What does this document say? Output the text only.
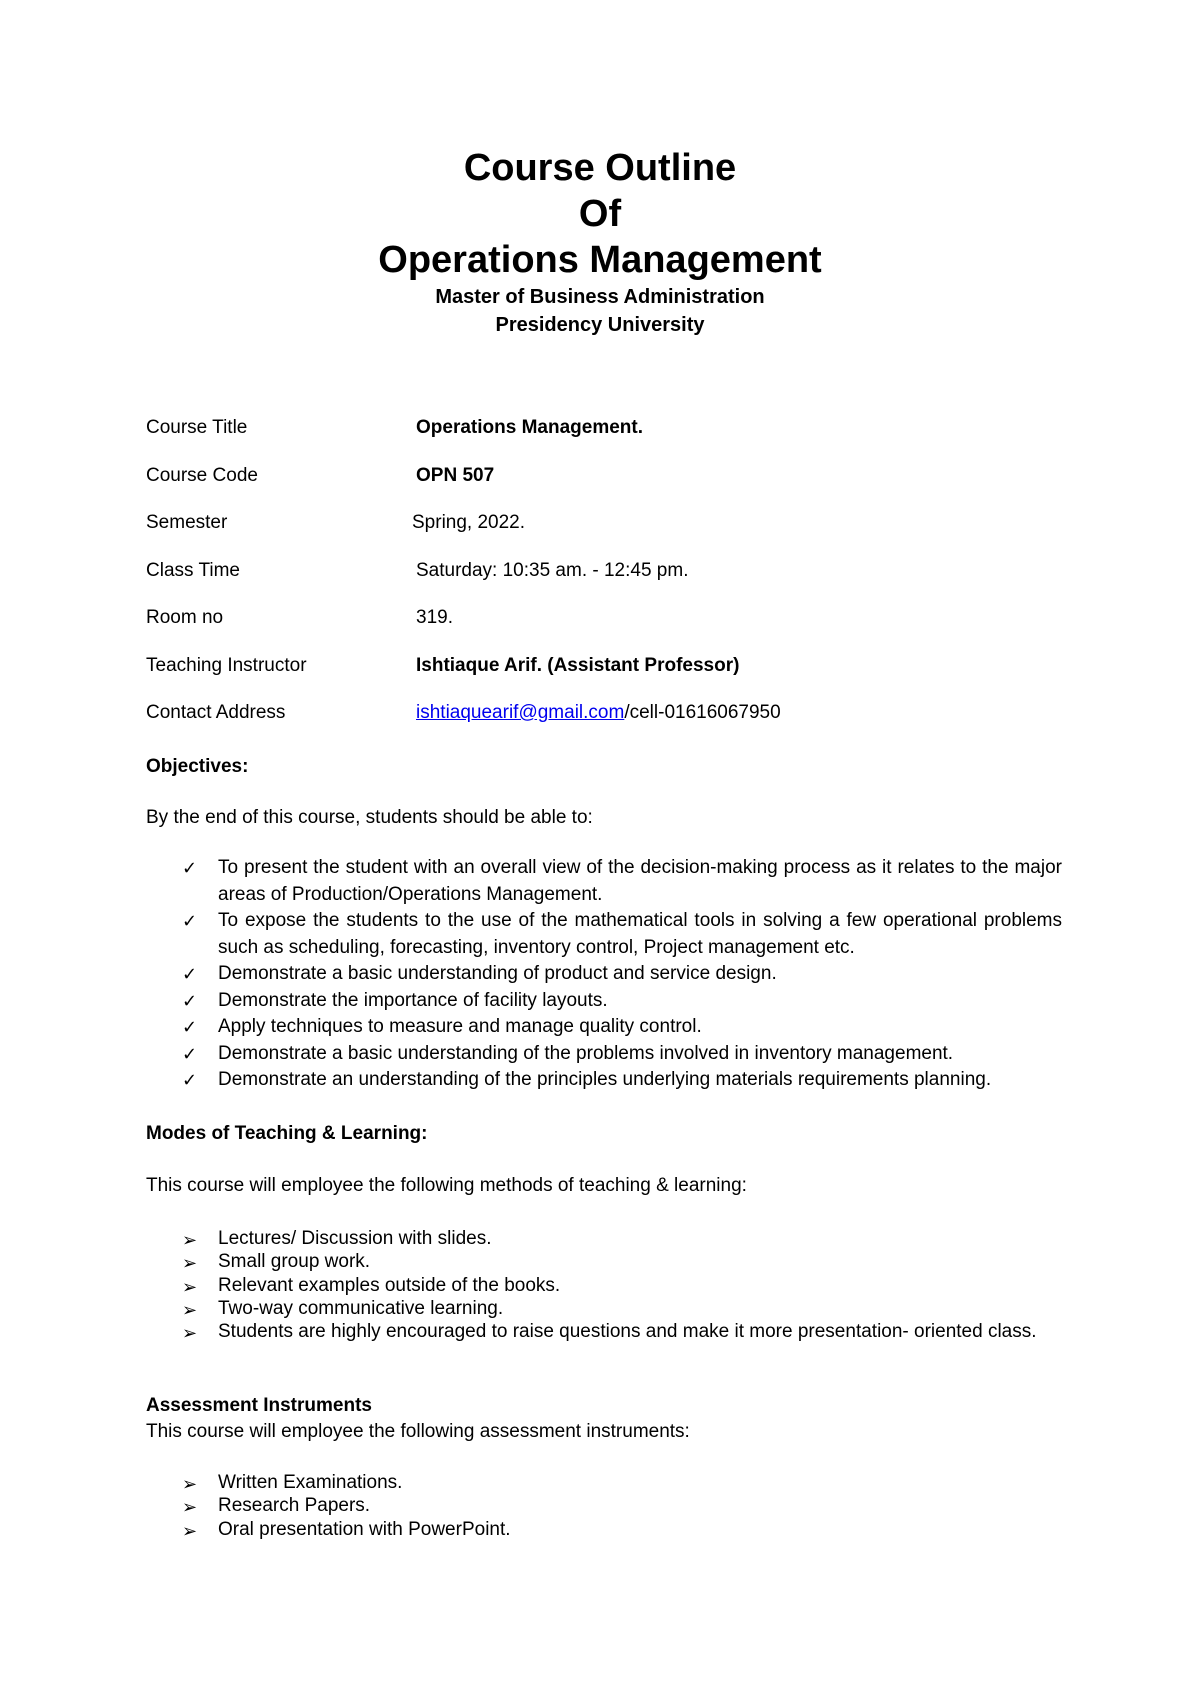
Course Outline

Of

Operations Management

Master of Business Administration

Presidency University

Course Title	Operations Management.
Course Code	OPN 507
Semester	Spring, 2022.
Class Time	Saturday: 10:35 am. - 12:45 pm.
Room no	319.
Teaching Instructor	Ishtiaque Arif. (Assistant Professor)
Contact Address	ishtiaquearif@gmail.com/cell-01616067950
Objectives:
By the end of this course, students should be able to:
✓ To present the student with an overall view of the decision-making process as it relates to the major areas of Production/Operations Management.
✓ To expose the students to the use of the mathematical tools in solving a few operational problems such as scheduling, forecasting, inventory control, Project management etc.
✓ Demonstrate a basic understanding of product and service design.
✓ Demonstrate the importance of facility layouts.
✓ Apply techniques to measure and manage quality control.
✓ Demonstrate a basic understanding of the problems involved in inventory management.
✓ Demonstrate an understanding of the principles underlying materials requirements planning.
Modes of Teaching & Learning:
This course will employee the following methods of teaching & learning:
➢ Lectures/ Discussion with slides.
➢ Small group work.
➢ Relevant examples outside of the books.
➢ Two-way communicative learning.
➢ Students are highly encouraged to raise questions and make it more presentation- oriented class.
Assessment Instruments
This course will employee the following assessment instruments:
➢ Written Examinations.
➢ Research Papers.
➢ Oral presentation with PowerPoint.
